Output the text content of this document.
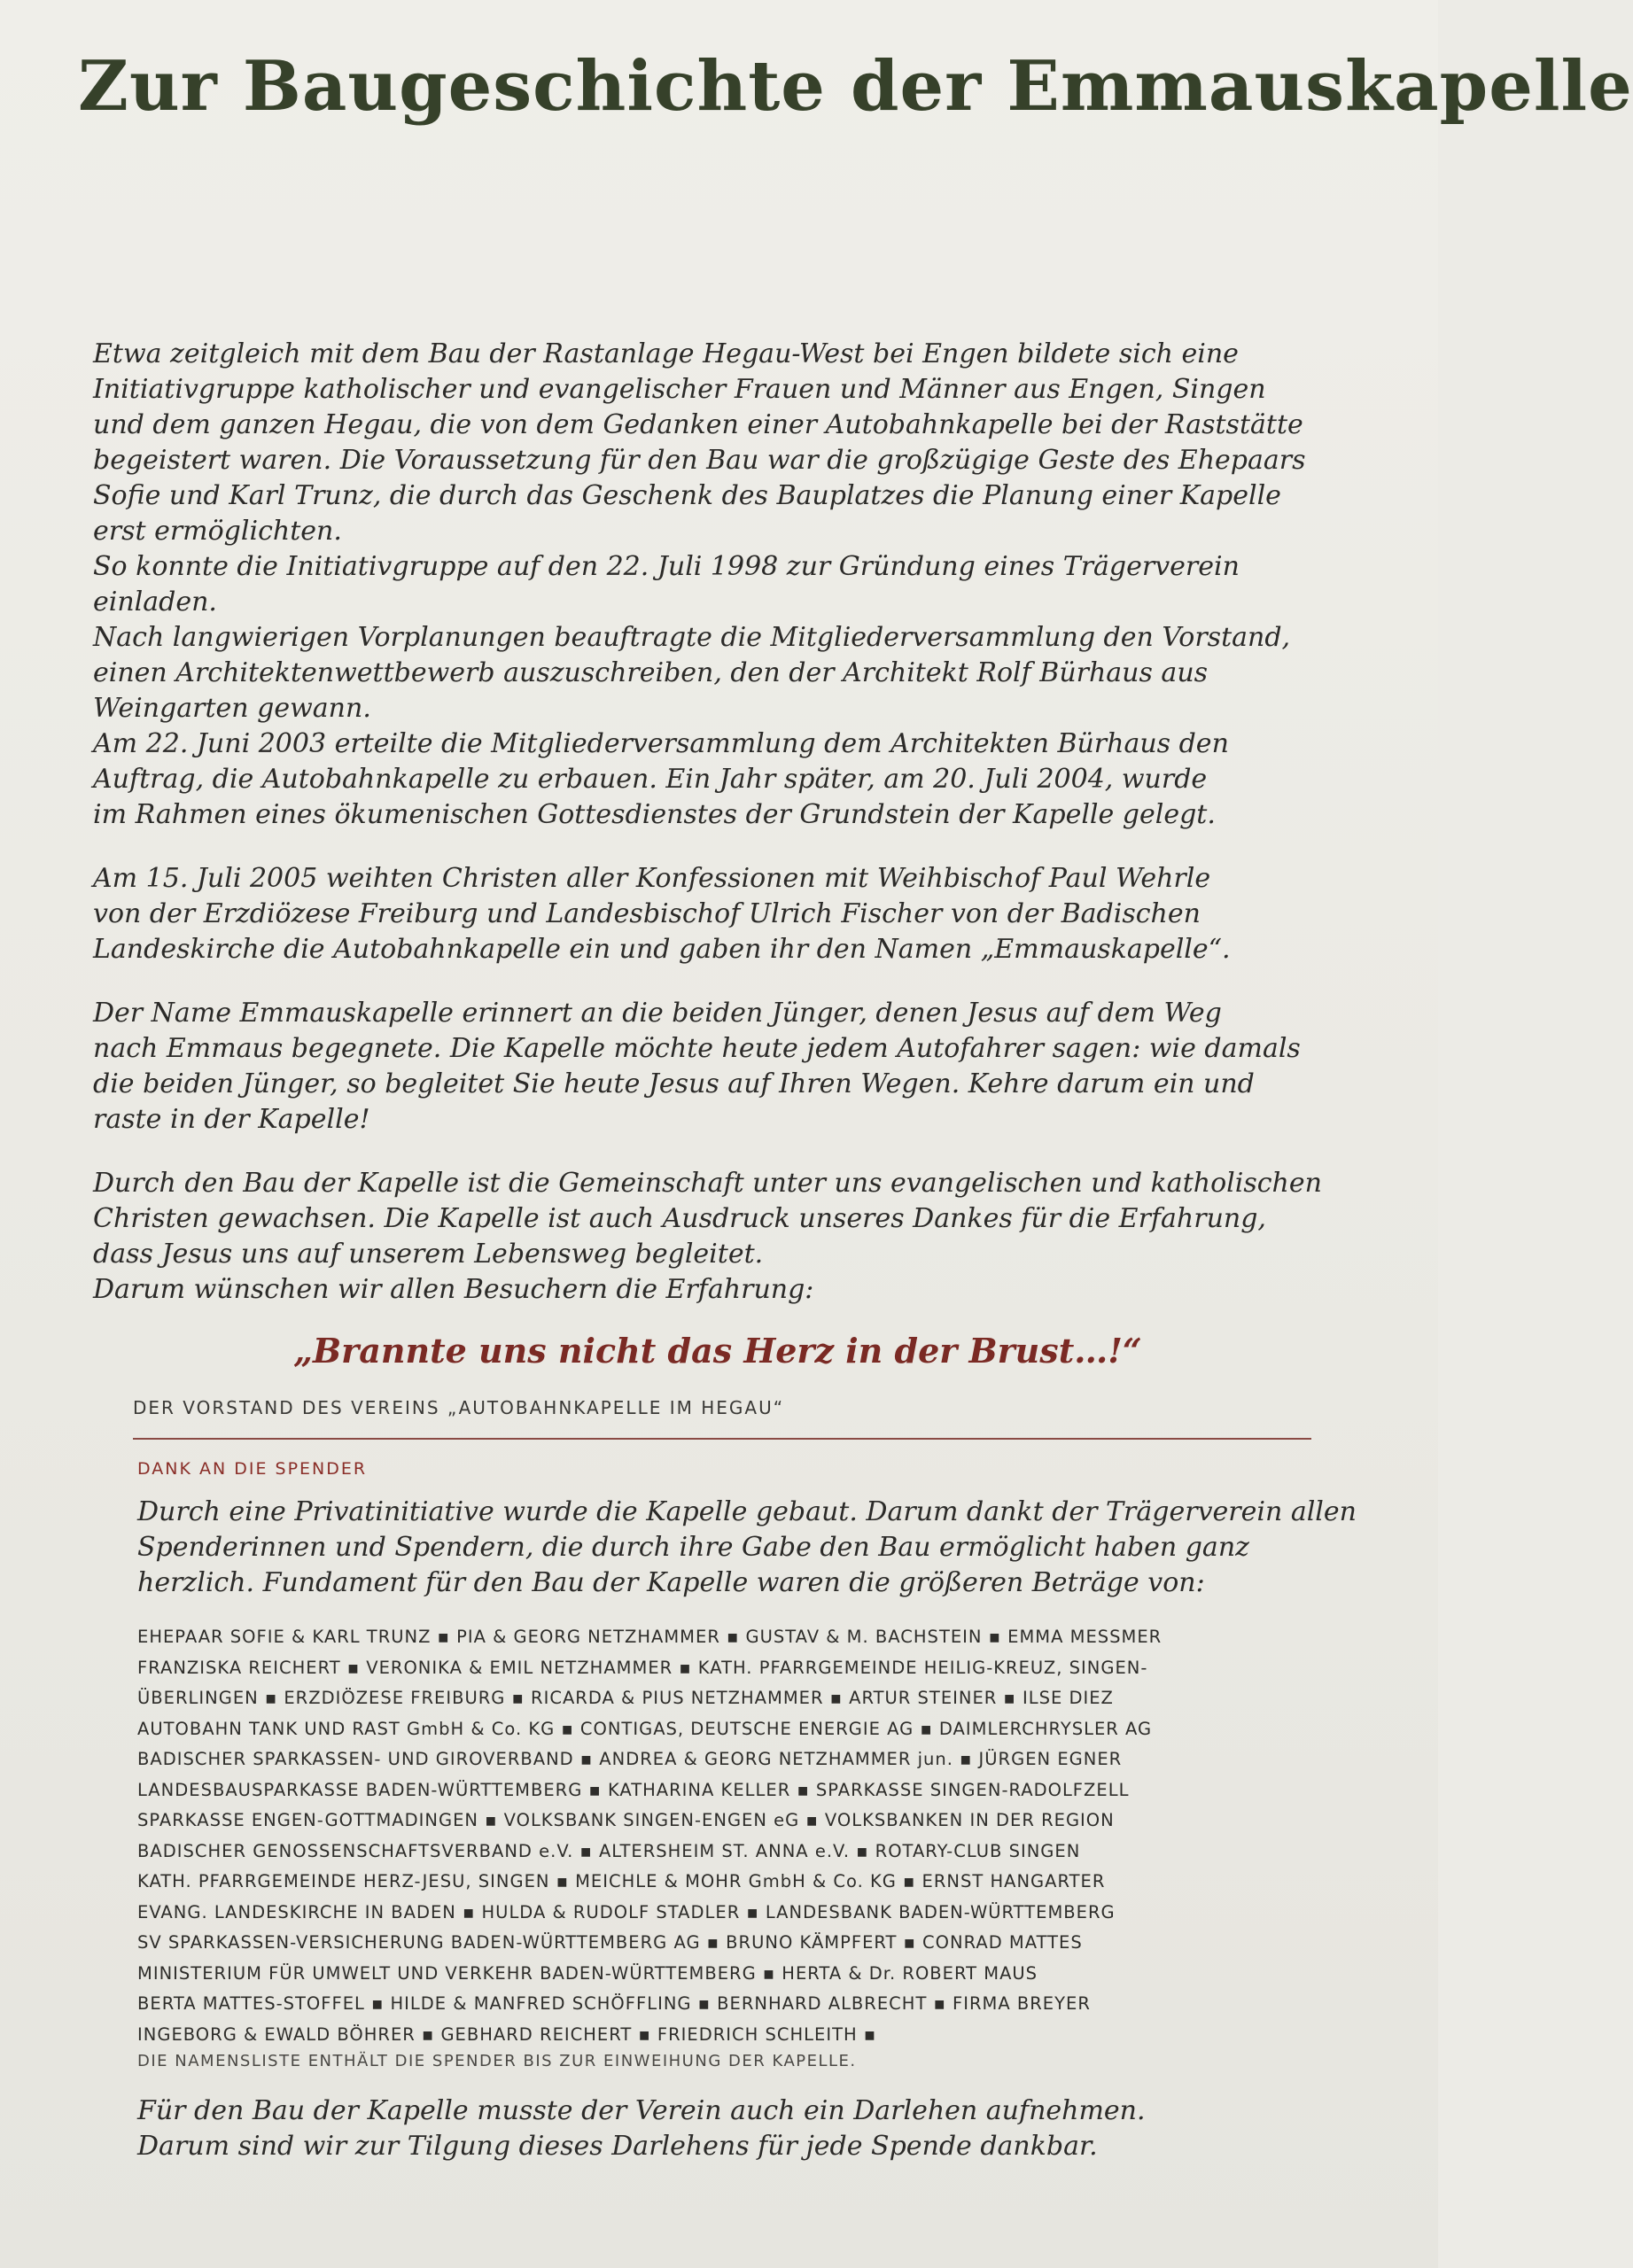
Zur Baugeschichte der Emmauskapelle
Etwa zeitgleich mit dem Bau der Rastanlage Hegau-West bei Engen bildete sich eine
Initiativgruppe katholischer und evangelischer Frauen und Männer aus Engen, Singen
und dem ganzen Hegau, die von dem Gedanken einer Autobahnkapelle bei der Raststätte
begeistert waren. Die Voraussetzung für den Bau war die großzügige Geste des Ehepaars
Sofie und Karl Trunz, die durch das Geschenk des Bauplatzes die Planung einer Kapelle
erst ermöglichten.
So konnte die Initiativgruppe auf den 22. Juli 1998 zur Gründung eines Trägerverein
einladen.
Nach langwierigen Vorplanungen beauftragte die Mitgliederversammlung den Vorstand,
einen Architektenwettbewerb auszuschreiben, den der Architekt Rolf Bürhaus aus
Weingarten gewann.
Am 22. Juni 2003 erteilte die Mitgliederversammlung dem Architekten Bürhaus den
Auftrag, die Autobahnkapelle zu erbauen. Ein Jahr später, am 20. Juli 2004, wurde
im Rahmen eines ökumenischen Gottesdienstes der Grundstein der Kapelle gelegt.
Am 15. Juli 2005 weihten Christen aller Konfessionen mit Weihbischof Paul Wehrle
von der Erzdiözese Freiburg und Landesbischof Ulrich Fischer von der Badischen
Landeskirche die Autobahnkapelle ein und gaben ihr den Namen „Emmauskapelle“.
Der Name Emmauskapelle erinnert an die beiden Jünger, denen Jesus auf dem Weg
nach Emmaus begegnete. Die Kapelle möchte heute jedem Autofahrer sagen: wie damals
die beiden Jünger, so begleitet Sie heute Jesus auf Ihren Wegen. Kehre darum ein und
raste in der Kapelle!
Durch den Bau der Kapelle ist die Gemeinschaft unter uns evangelischen und katholischen
Christen gewachsen. Die Kapelle ist auch Ausdruck unseres Dankes für die Erfahrung,
dass Jesus uns auf unserem Lebensweg begleitet.
Darum wünschen wir allen Besuchern die Erfahrung:
„Brannte uns nicht das Herz in der Brust…!“
DER VORSTAND DES VEREINS „AUTOBAHNKAPELLE IM HEGAU“
DANK AN DIE SPENDER
Durch eine Privatinitiative wurde die Kapelle gebaut. Darum dankt der Trägerverein allen
Spenderinnen und Spendern, die durch ihre Gabe den Bau ermöglicht haben ganz
herzlich. Fundament für den Bau der Kapelle waren die größeren Beträge von:
EHEPAAR SOFIE & KARL TRUNZ ▪ PIA & GEORG NETZHAMMER ▪ GUSTAV & M. BACHSTEIN ▪ EMMA MESSMER
FRANZISKA REICHERT ▪ VERONIKA & EMIL NETZHAMMER ▪ KATH. PFARRGEMEINDE HEILIG-KREUZ, SINGEN-
ÜBERLINGEN ▪ ERZDIÖZESE FREIBURG ▪ RICARDA & PIUS NETZHAMMER ▪ ARTUR STEINER ▪ ILSE DIEZ
AUTOBAHN TANK UND RAST GmbH & Co. KG ▪ CONTIGAS, DEUTSCHE ENERGIE AG ▪ DAIMLERCHRYSLER AG
BADISCHER SPARKASSEN- UND GIROVERBAND ▪ ANDREA & GEORG NETZHAMMER jun. ▪ JÜRGEN EGNER
LANDESBAUSPARKASSE BADEN-WÜRTTEMBERG ▪ KATHARINA KELLER ▪ SPARKASSE SINGEN-RADOLFZELL
SPARKASSE ENGEN-GOTTMADINGEN ▪ VOLKSBANK SINGEN-ENGEN eG ▪ VOLKSBANKEN IN DER REGION
BADISCHER GENOSSENSCHAFTSVERBAND e.V. ▪ ALTERSHEIM ST. ANNA e.V. ▪ ROTARY-CLUB SINGEN
KATH. PFARRGEMEINDE HERZ-JESU, SINGEN ▪ MEICHLE & MOHR GmbH & Co. KG ▪ ERNST HANGARTER
EVANG. LANDESKIRCHE IN BADEN ▪ HULDA & RUDOLF STADLER ▪ LANDESBANK BADEN-WÜRTTEMBERG
SV SPARKASSEN-VERSICHERUNG BADEN-WÜRTTEMBERG AG ▪ BRUNO KÄMPFERT ▪ CONRAD MATTES
MINISTERIUM FÜR UMWELT UND VERKEHR BADEN-WÜRTTEMBERG ▪ HERTA & Dr. ROBERT MAUS
BERTA MATTES-STOFFEL ▪ HILDE & MANFRED SCHÖFFLING ▪ BERNHARD ALBRECHT ▪ FIRMA BREYER
INGEBORG & EWALD BÖHRER ▪ GEBHARD REICHERT ▪ FRIEDRICH SCHLEITH ▪
DIE NAMENSLISTE ENTHÄLT DIE SPENDER BIS ZUR EINWEIHUNG DER KAPELLE.
Für den Bau der Kapelle musste der Verein auch ein Darlehen aufnehmen.
Darum sind wir zur Tilgung dieses Darlehens für jede Spende dankbar.
